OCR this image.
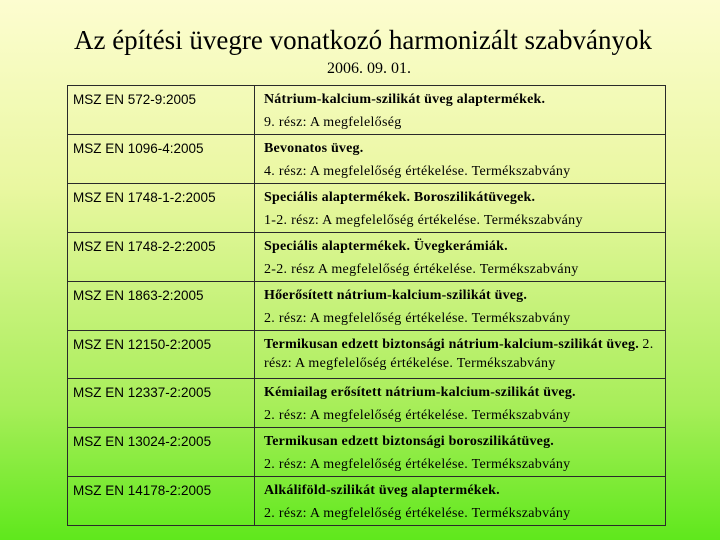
Az építési üvegre vonatkozó harmonizált szabványok
2006. 09. 01.
MSZ EN 572-9:2005	Nátrium-kalcium-szilikát üveg alaptermékek.
9. rész: A megfelelőség

MSZ EN 1096-4:2005	Bevonatos üveg.
4. rész: A megfelelőség értékelése. Termékszabvány

MSZ EN 1748-1-2:2005	Speciális alaptermékek. Boroszilikátüvegek.
1-2. rész: A megfelelőség értékelése. Termékszabvány

MSZ EN 1748-2-2:2005	Speciális alaptermékek. Üvegkerámiák.
2-2. rész A megfelelőség értékelése. Termékszabvány

MSZ EN 1863-2:2005	Hőerősített nátrium-kalcium-szilikát üveg.
2. rész: A megfelelőség értékelése. Termékszabvány

MSZ EN 12150-2:2005	Termikusan edzett biztonsági nátrium-kalcium-szilikát üveg. 2. rész: A megfelelőség értékelése. Termékszabvány
MSZ EN 12337-2:2005	Kémiailag erősített nátrium-kalcium-szilikát üveg.
2. rész: A megfelelőség értékelése. Termékszabvány

MSZ EN 13024-2:2005	Termikusan edzett biztonsági boroszilikátüveg.
2. rész: A megfelelőség értékelése. Termékszabvány

MSZ EN 14178-2:2005	Alkáliföld-szilikát üveg alaptermékek.
2. rész: A megfelelőség értékelése. Termékszabvány
